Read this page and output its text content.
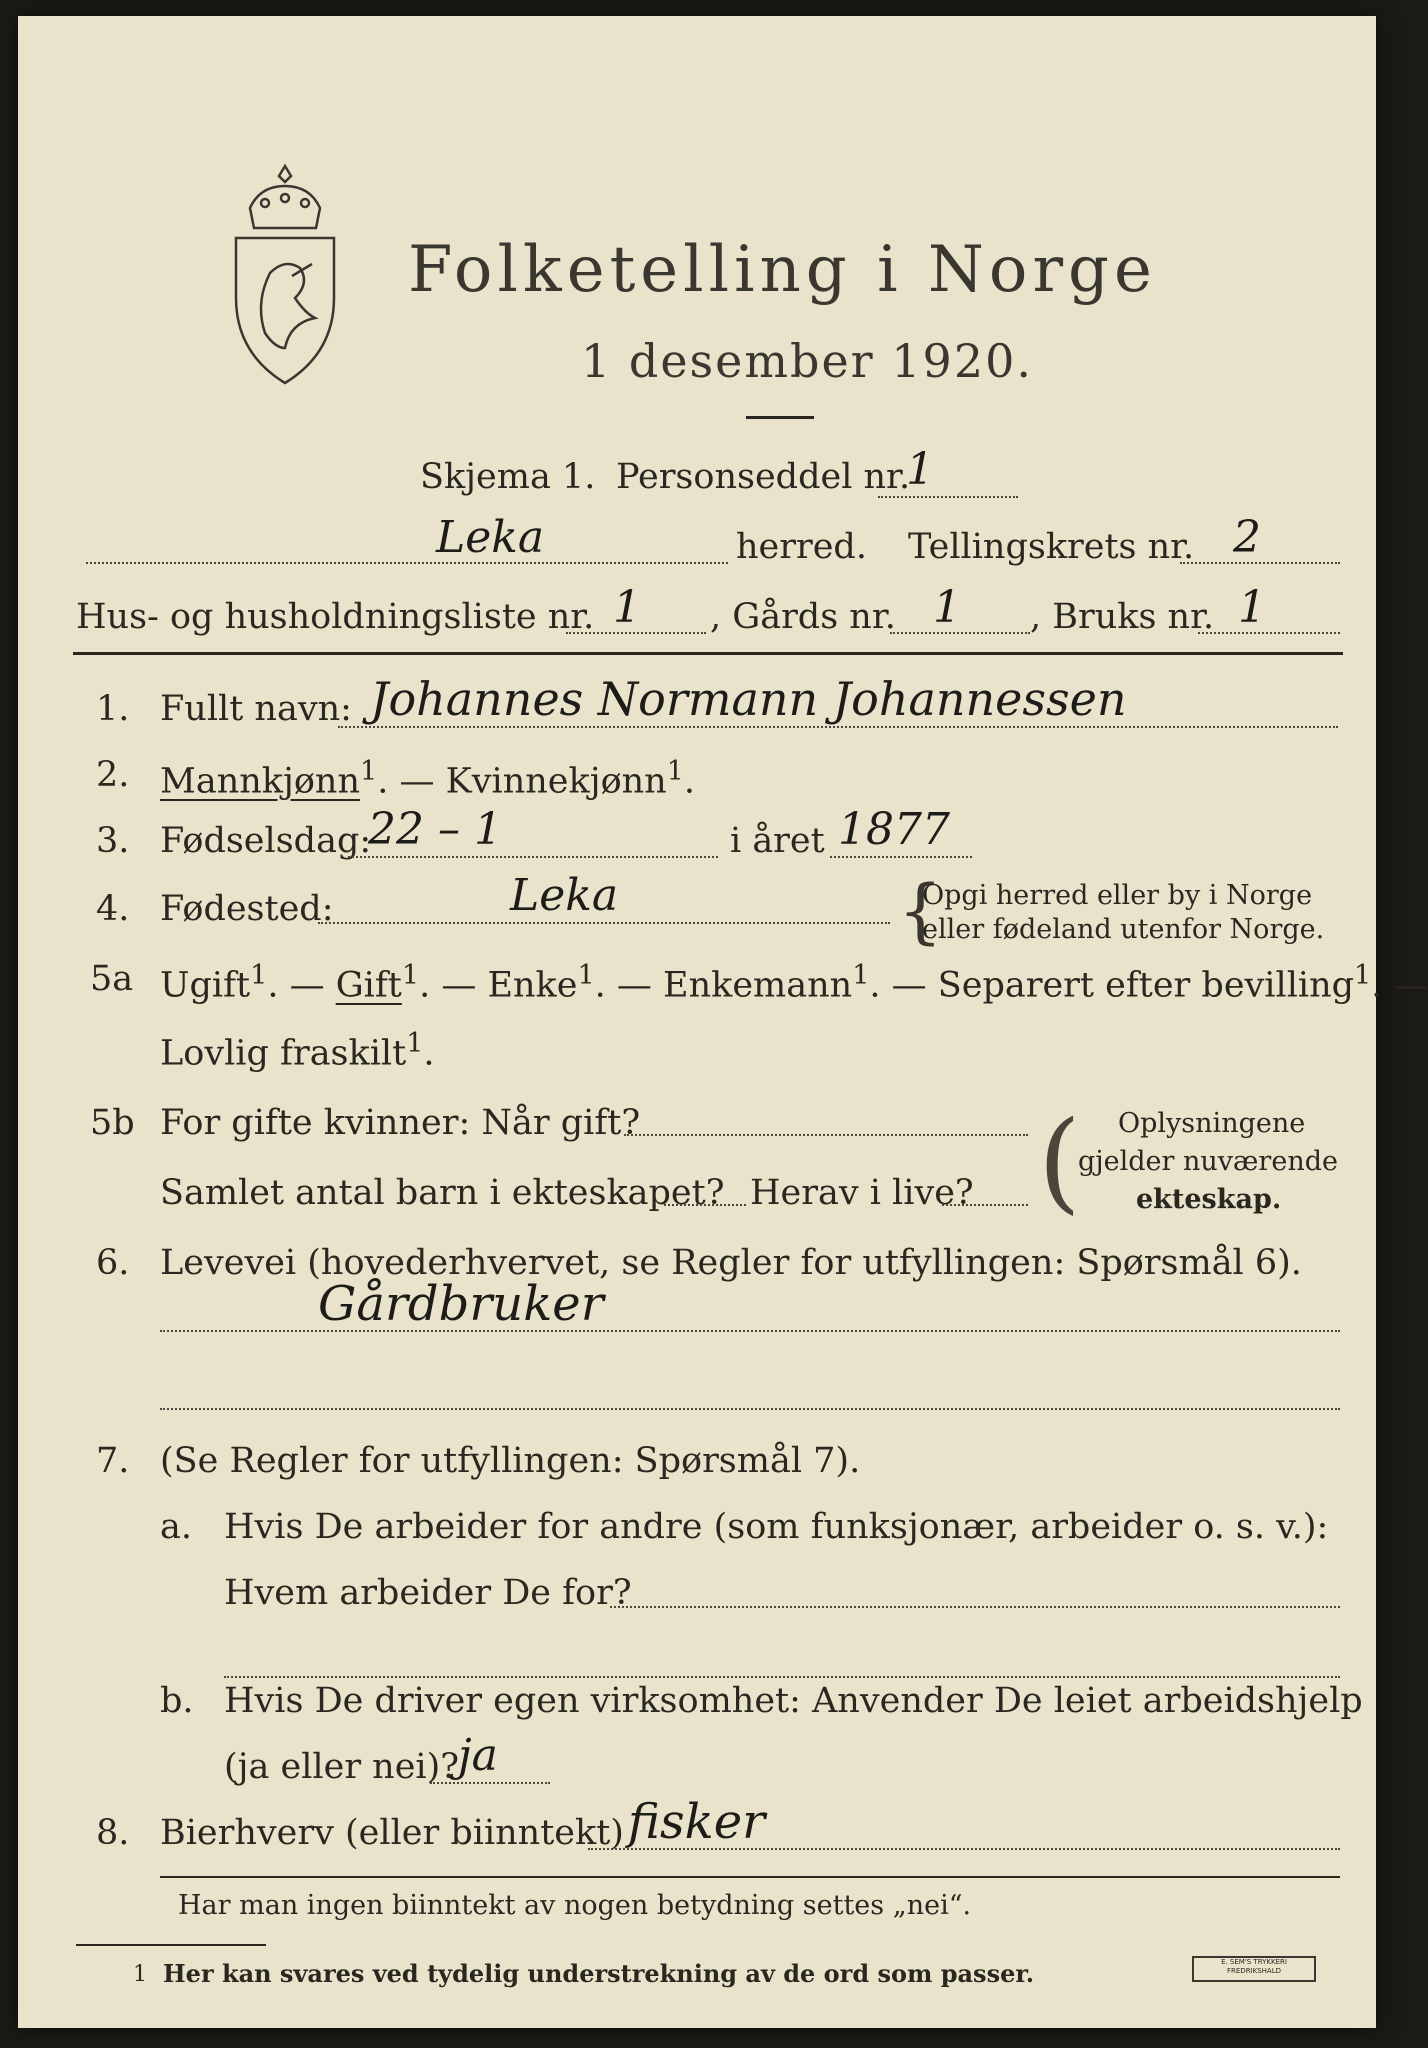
Folketelling i Norge
1 desember 1920.
Skjema 1. Personseddel nr.
1
Leka	herred. Tellingskrets nr. 2
Hus- og husholdningsliste nr. 1 , Gårds nr. 1 , Bruks nr. 1
1. Fullt navn: Johannes Normann Johannessen
2. Mannkjønn$^1$. — Kvinnekjønn$^1$.
3. Fødselsdag:
22 – 1	i året 1877
4. Fødested:	Leka	{
Opgi herred eller by i Norge
eller fødeland utenfor Norge.
5a Ugift$^1$. — Gift$^1$. — Enke$^1$. — Enkemann$^1$. — Separert efter bevilling$^1$. —
Lovlig fraskilt$^1$.
5b For gifte kvinner: Når gift?
Samlet antal barn i ekteskapet? Herav i live? ( Oplysningene
gjelder nuværende
ekteskap.
6. Levevei (hovederhvervet, se Regler for utfyllingen: Spørsmål 6).
Gårdbruker
7. (Se Regler for utfyllingen: Spørsmål 7).
a. Hvis De arbeider for andre (som funksjonær, arbeider o. s. v.):
Hvem arbeider De for?
b. Hvis De driver egen virksomhet: Anvender De leiet arbeidshjelp
(ja eller nei)?
ja
8. Bierhverv (eller biinntekt) fisker
Har man ingen biinntekt av nogen betydning settes „nei“.
1 Her kan svares ved tydelig understrekning av de ord som passer.	E. SEM'S TRYKKERI FREDRIKSHALD
